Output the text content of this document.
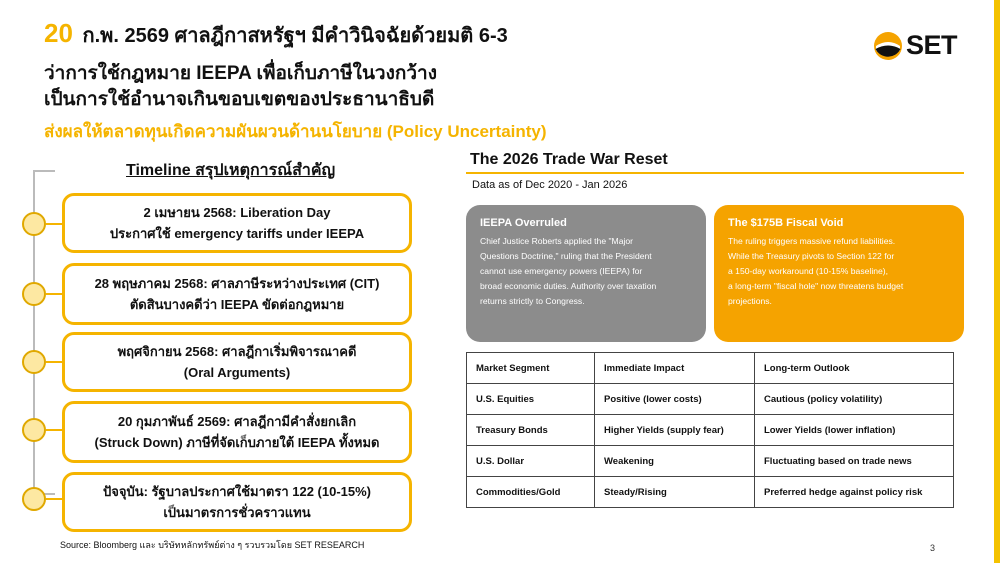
20 ก.พ. 2569 ศาลฎีกาสหรัฐฯ มีคำวินิจฉัยด้วยมติ 6-3
ว่าการใช้กฎหมาย IEEPA เพื่อเก็บภาษีในวงกว้าง
เป็นการใช้อำนาจเกินขอบเขตของประธานาธิบดี
ส่งผลให้ตลาดทุนเกิดความผันผวนด้านนโยบาย (Policy Uncertainty)
SET
Timeline สรุปเหตุการณ์สำคัญ
2 เมษายน 2568: Liberation Day
ประกาศใช้ emergency tariffs under IEEPA
28 พฤษภาคม 2568: ศาลภาษีระหว่างประเทศ (CIT)
ตัดสินบางคดีว่า IEEPA ขัดต่อกฎหมาย
พฤศจิกายน 2568: ศาลฎีกาเริ่มพิจารณาคดี
(Oral Arguments)
20 กุมภาพันธ์ 2569: ศาลฎีกามีคำสั่งยกเลิก
(Struck Down) ภาษีที่จัดเก็บภายใต้ IEEPA ทั้งหมด
ปัจจุบัน: รัฐบาลประกาศใช้มาตรา 122 (10-15%)
เป็นมาตรการชั่วคราวแทน
Source: Bloomberg และ บริษัทหลักทรัพย์ต่าง ๆ รวบรวมโดย SET RESEARCH	3
The 2026 Trade War Reset
Data as of Dec 2020 - Jan 2026
IEEPA Overruled

Chief Justice Roberts applied the "Major
Questions Doctrine," ruling that the President
cannot use emergency powers (IEEPA) for
broad economic duties. Authority over taxation
returns strictly to Congress.

The $175B Fiscal Void

The ruling triggers massive refund liabilities.
While the Treasury pivots to Section 122 for
a 150-day workaround (10-15% baseline),
a long-term "fiscal hole" now threatens budget
projections.

Market Segment	Immediate Impact	Long-term Outlook
U.S. Equities	Positive (lower costs)	Cautious (policy volatility)
Treasury Bonds	Higher Yields (supply fear)	Lower Yields (lower inflation)
U.S. Dollar	Weakening	Fluctuating based on trade news
Commodities/Gold	Steady/Rising	Preferred hedge against policy risk
